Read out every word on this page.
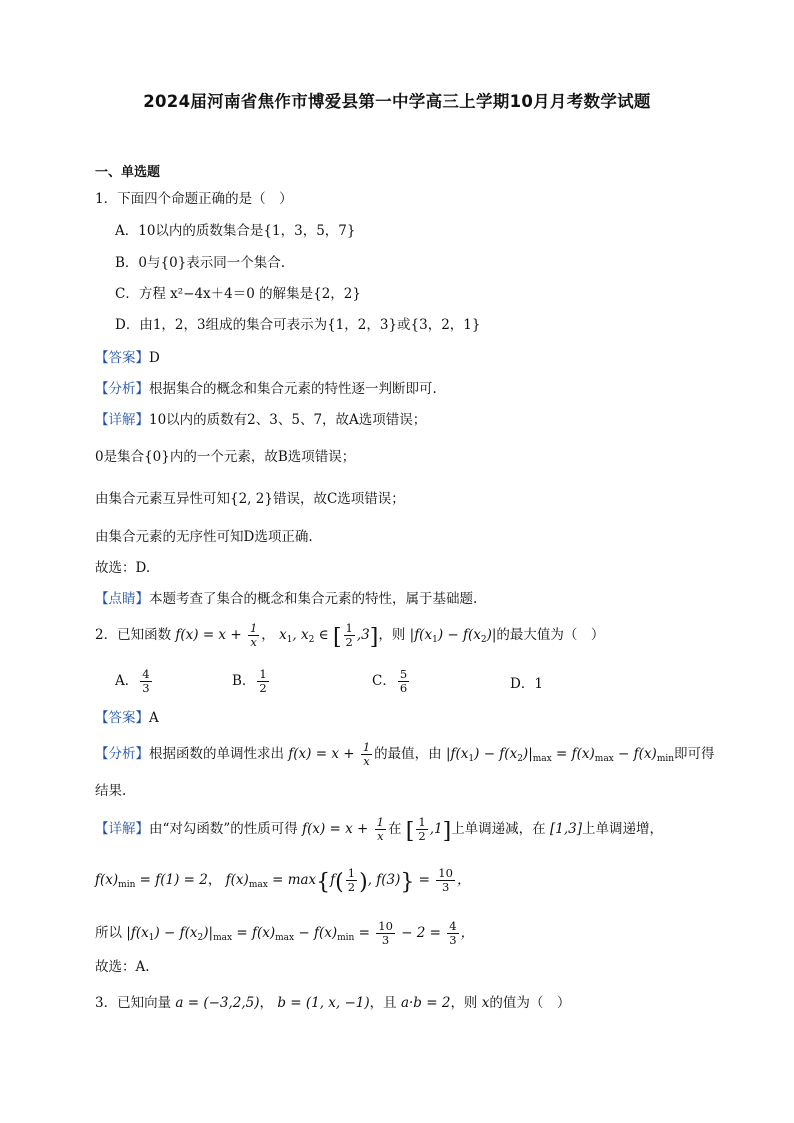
2024届河南省焦作市博爱县第一中学高三上学期10月月考数学试题
一、单选题
1．下面四个命题正确的是（　）
A．10以内的质数集合是{1，3，5，7}
B．0与{0}表示同一个集合.
C．方程 x²−4x＋4＝0 的解集是{2，2}
D．由1，2，3组成的集合可表示为{1，2，3}或{3，2，1}
【答案】D
【分析】根据集合的概念和集合元素的特性逐一判断即可.
【详解】10以内的质数有2、3、5、7，故A选项错误；
0是集合{0}内的一个元素，故B选项错误；
由集合元素互异性可知{2, 2}错误，故C选项错误；
由集合元素的无序性可知D选项正确.
故选：D.
【点睛】本题考查了集合的概念和集合元素的特性，属于基础题.
2．已知函数 $f(x) = x + \frac{1}{x}$ ， $x_1$, $x_2$ ∈ [ $\frac{1}{2} ,3$]，则 $|f(x_1) - f(x_2)|$的最大值为（　）
A． $\frac{4}{3}$	B． $\frac{1}{2}$	C． $\frac{5}{6}$	D．1
【答案】A
【分析】根据函数的单调性求出 $f(x) = x + \frac{1}{x}$ 的最值，由 $|f(x_1) - f(x_2)|_{max} = f(x)_{max} - f(x)_{min}$即可得
结果.
【详解】由“对勾函数”的性质可得 $f(x) = x + \frac{1}{x}$ 在 [ $\frac{1}{2} ,1$]上单调递减，在 [1,3]上单调递增，
$f(x)_{min} = f(1) = 2$， $f(x)_{max} = \max\{f( \frac{1}{2}$ ), $f(3)\} = \frac{10}{3}$ ，
所以 $|f(x_1) - f(x_2)|_{max} = f(x)_{max} - f(x)_{min} = \frac{10}{3} - 2 = \frac{4}{3}$ ，
故选：A.
3．已知向量 a = (−3,2,5)， b = (1, x, −1)，且 a·b = 2，则 x的值为（　）
